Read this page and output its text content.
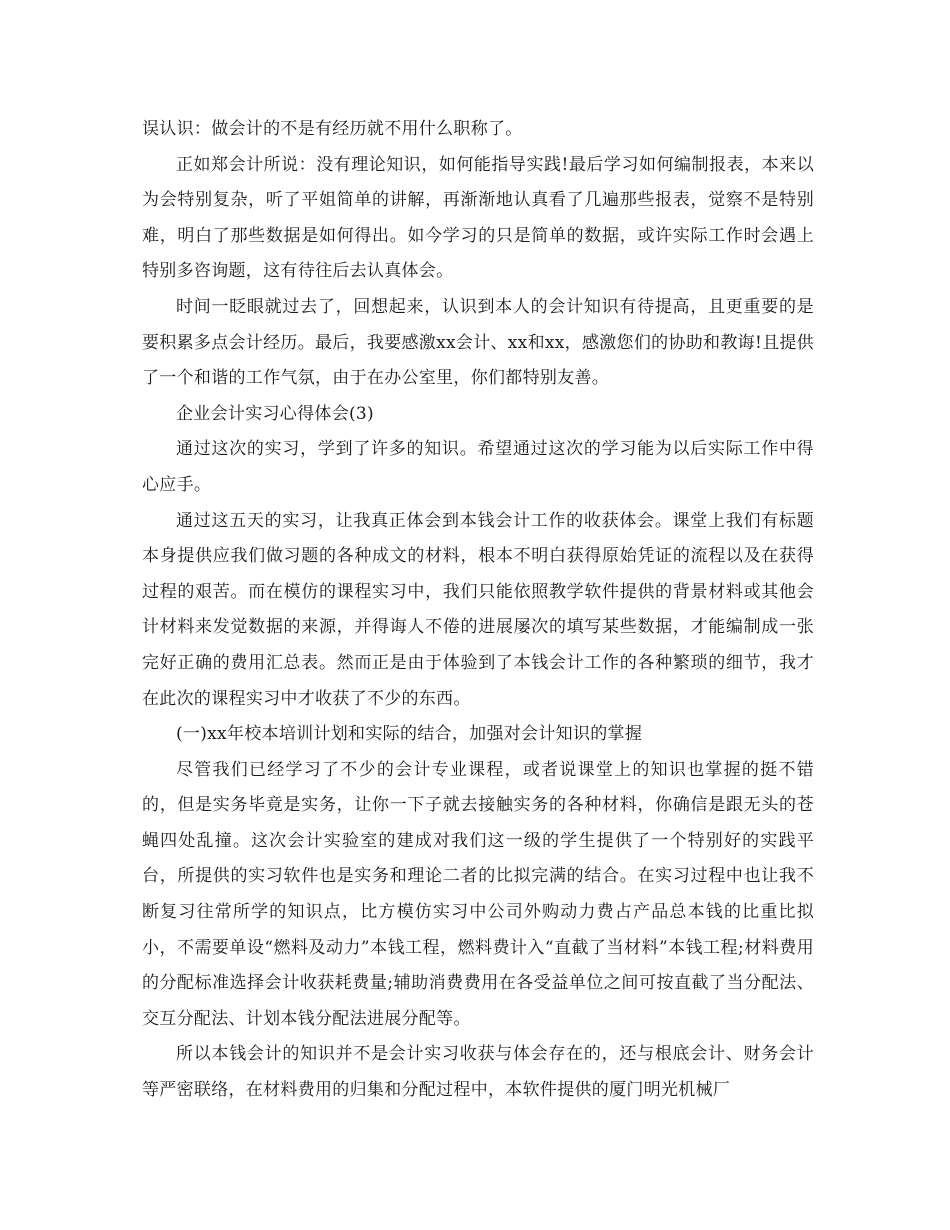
误认识：做会计的不是有经历就不用什么职称了。

正如郑会计所说：没有理论知识，如何能指导实践!最后学习如何编制报表，本来以为会特别复杂，听了平姐简单的讲解，再渐渐地认真看了几遍那些报表，觉察不是特别难，明白了那些数据是如何得出。如今学习的只是简单的数据，或许实际工作时会遇上特别多咨询题，这有待往后去认真体会。

时间一眨眼就过去了，回想起来，认识到本人的会计知识有待提高，且更重要的是要积累多点会计经历。最后，我要感激xx会计、xx和xx，感激您们的协助和教诲!且提供了一个和谐的工作气氛，由于在办公室里，你们都特别友善。

企业会计实习心得体会(3)

通过这次的实习，学到了许多的知识。希望通过这次的学习能为以后实际工作中得心应手。

通过这五天的实习，让我真正体会到本钱会计工作的收获体会。课堂上我们有标题本身提供应我们做习题的各种成文的材料，根本不明白获得原始凭证的流程以及在获得过程的艰苦。而在模仿的课程实习中，我们只能依照教学软件提供的背景材料或其他会计材料来发觉数据的来源，并得诲人不倦的进展屡次的填写某些数据，才能编制成一张完好正确的费用汇总表。然而正是由于体验到了本钱会计工作的各种繁琐的细节，我才在此次的课程实习中才收获了不少的东西。

(一)xx年校本培训计划和实际的结合，加强对会计知识的掌握

尽管我们已经学习了不少的会计专业课程，或者说课堂上的知识也掌握的挺不错的，但是实务毕竟是实务，让你一下子就去接触实务的各种材料，你确信是跟无头的苍蝇四处乱撞。这次会计实验室的建成对我们这一级的学生提供了一个特别好的实践平台，所提供的实习软件也是实务和理论二者的比拟完满的结合。在实习过程中也让我不断复习往常所学的知识点，比方模仿实习中公司外购动力费占产品总本钱的比重比拟小，不需要单设“燃料及动力”本钱工程，燃料费计入“直截了当材料”本钱工程;材料费用的分配标准选择会计收获耗费量;辅助消费费用在各受益单位之间可按直截了当分配法、交互分配法、计划本钱分配法进展分配等。

所以本钱会计的知识并不是会计实习收获与体会存在的，还与根底会计、财务会计等严密联络，在材料费用的归集和分配过程中，本软件提供的厦门明光机械厂
